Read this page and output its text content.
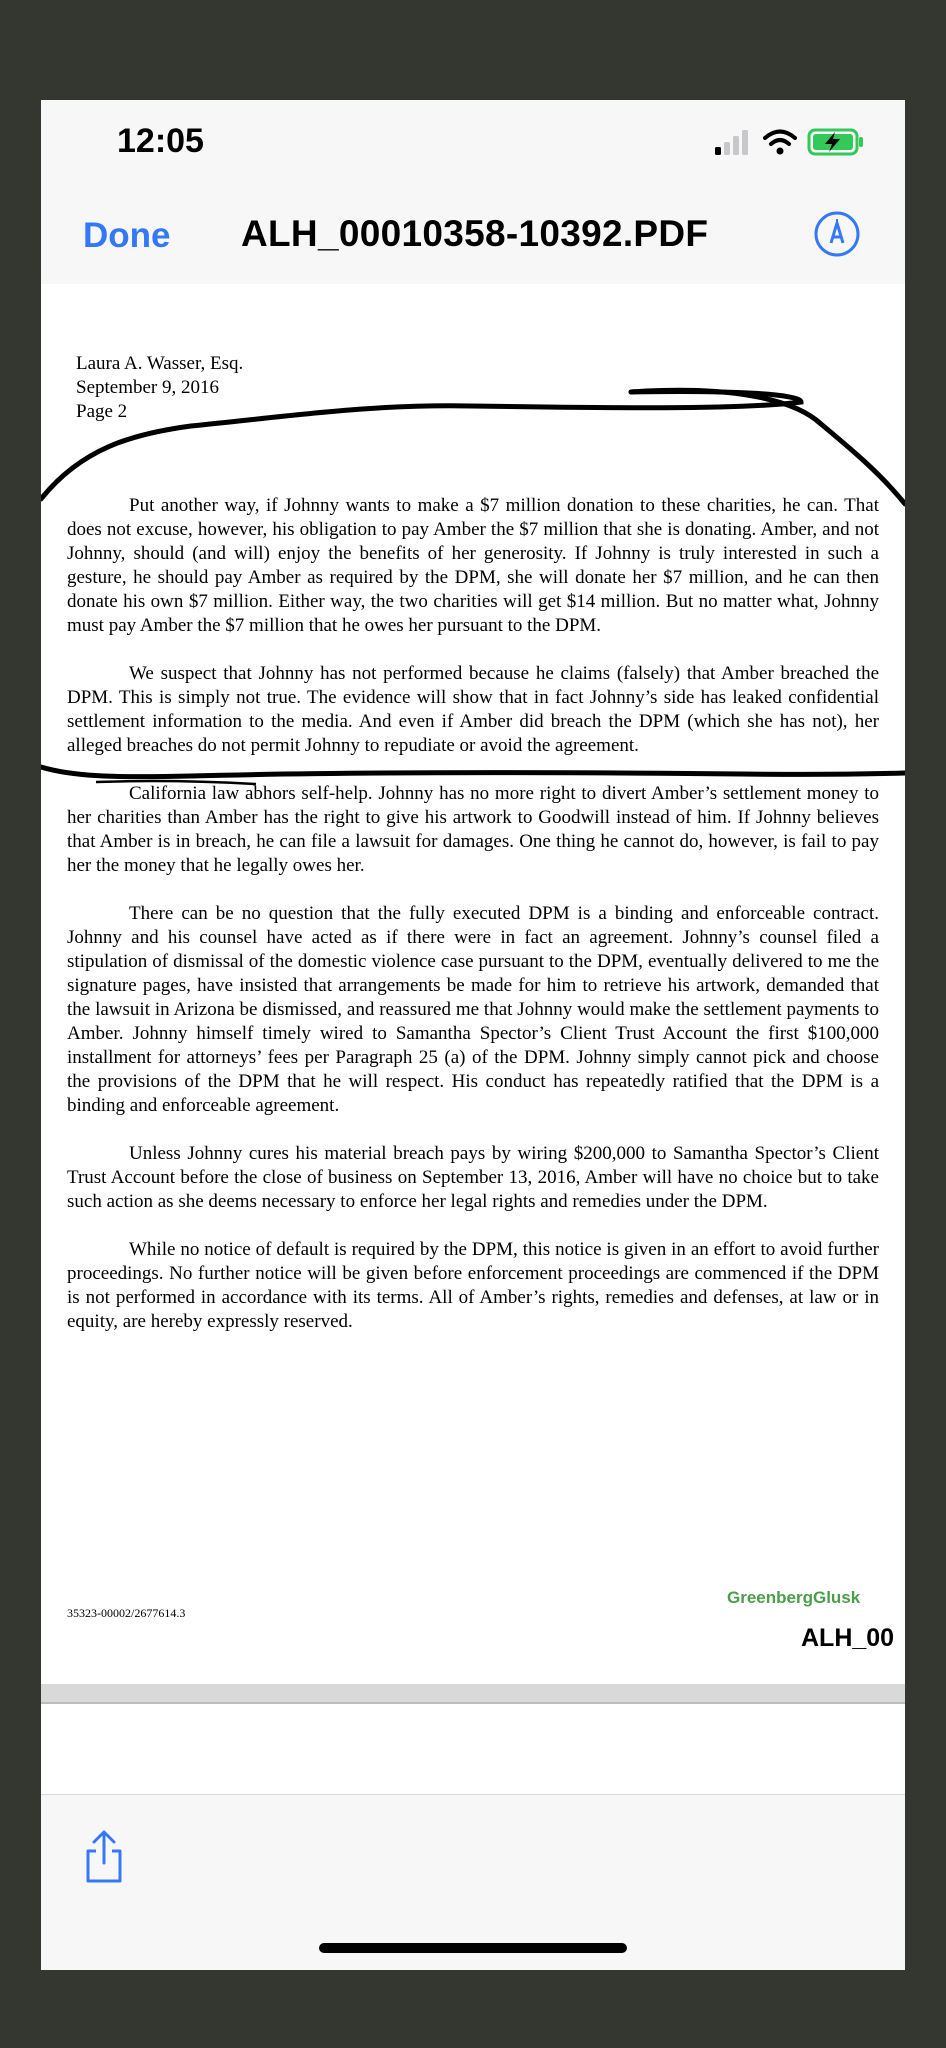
12:05
Done ALH_00010358-10392.PDF
Laura A. Wasser, Esq.
September 9, 2016
Page 2

Put another way, if Johnny wants to make a $7 million donation to these charities, he can. That does not excuse, however, his obligation to pay Amber the $7 million that she is donating. Amber, and not Johnny, should (and will) enjoy the benefits of her generosity. If Johnny is truly interested in such a gesture, he should pay Amber as required by the DPM, she will donate her $7 million, and he can then donate his own $7 million. Either way, the two charities will get $14 million. But no matter what, Johnny must pay Amber the $7 million that he owes her pursuant to the DPM.

We suspect that Johnny has not performed because he claims (falsely) that Amber breached the DPM. This is simply not true. The evidence will show that in fact Johnny’s side has leaked confidential settlement information to the media. And even if Amber did breach the DPM (which she has not), her alleged breaches do not permit Johnny to repudiate or avoid the agreement.

California law abhors self-help. Johnny has no more right to divert Amber’s settlement money to her charities than Amber has the right to give his artwork to Goodwill instead of him. If Johnny believes that Amber is in breach, he can file a lawsuit for damages. One thing he cannot do, however, is fail to pay her the money that he legally owes her.

There can be no question that the fully executed DPM is a binding and enforceable contract. Johnny and his counsel have acted as if there were in fact an agreement. Johnny’s counsel filed a stipulation of dismissal of the domestic violence case pursuant to the DPM, eventually delivered to me the signature pages, have insisted that arrangements be made for him to retrieve his artwork, demanded that the lawsuit in Arizona be dismissed, and reassured me that Johnny would make the settlement payments to Amber. Johnny himself timely wired to Samantha Spector’s Client Trust Account the first $100,000 installment for attorneys’ fees per Paragraph 25 (a) of the DPM. Johnny simply cannot pick and choose the provisions of the DPM that he will respect. His conduct has repeatedly ratified that the DPM is a binding and enforceable agreement.

Unless Johnny cures his material breach pays by wiring $200,000 to Samantha Spector’s Client Trust Account before the close of business on September 13, 2016, Amber will have no choice but to take such action as she deems necessary to enforce her legal rights and remedies under the DPM.

While no notice of default is required by the DPM, this notice is given in an effort to avoid further proceedings. No further notice will be given before enforcement proceedings are commenced if the DPM is not performed in accordance with its terms. All of Amber’s rights, remedies and defenses, at law or in equity, are hereby expressly reserved.

35323-00002/2677614.3
GreenbergGlusk
ALH_00
